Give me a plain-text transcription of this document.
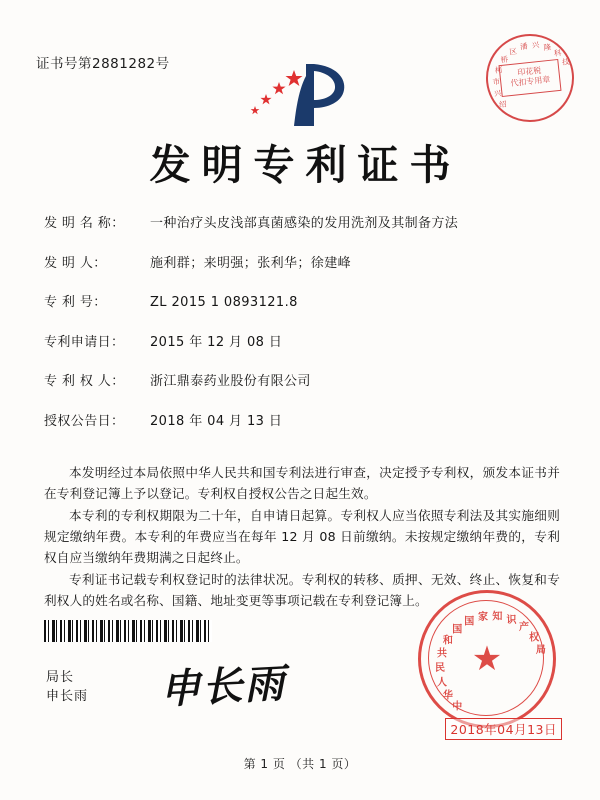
证书号第2881282号
绍
兴
市
柯
桥
区
潘 兴 隆
科
技
印花税
代扣专用章
发明专利证书
发 明 名 称：	一种治疗头皮浅部真菌感染的发用洗剂及其制备方法
发 明 人：	施利群；来明强；张利华；徐建峰
专 利 号：	ZL 2015 1 0893121.8
专利申请日：	2015 年 12 月 08 日
专 利 权 人：	浙江鼎泰药业股份有限公司
授权公告日：	2018 年 04 月 13 日

本发明经过本局依照中华人民共和国专利法进行审查，决定授予专利权，颁发本证书并在专利登记簿上予以登记。专利权自授权公告之日起生效。

本专利的专利权期限为二十年，自申请日起算。专利权人应当依照专利法及其实施细则规定缴纳年费。本专利的年费应当在每年 12 月 08 日前缴纳。未按规定缴纳年费的，专利权自应当缴纳年费期满之日起终止。

专利证书记载专利权登记时的法律状况。专利权的转移、质押、无效、终止、恢复和专利权人的姓名或名称、国籍、地址变更等事项记载在专利登记簿上。

局长
申长雨 申长雨	中
华
人
民
共
和
国
国 家 知 识
产
权
局
★
2018年04月13日
第 1 页 （共 1 页）
